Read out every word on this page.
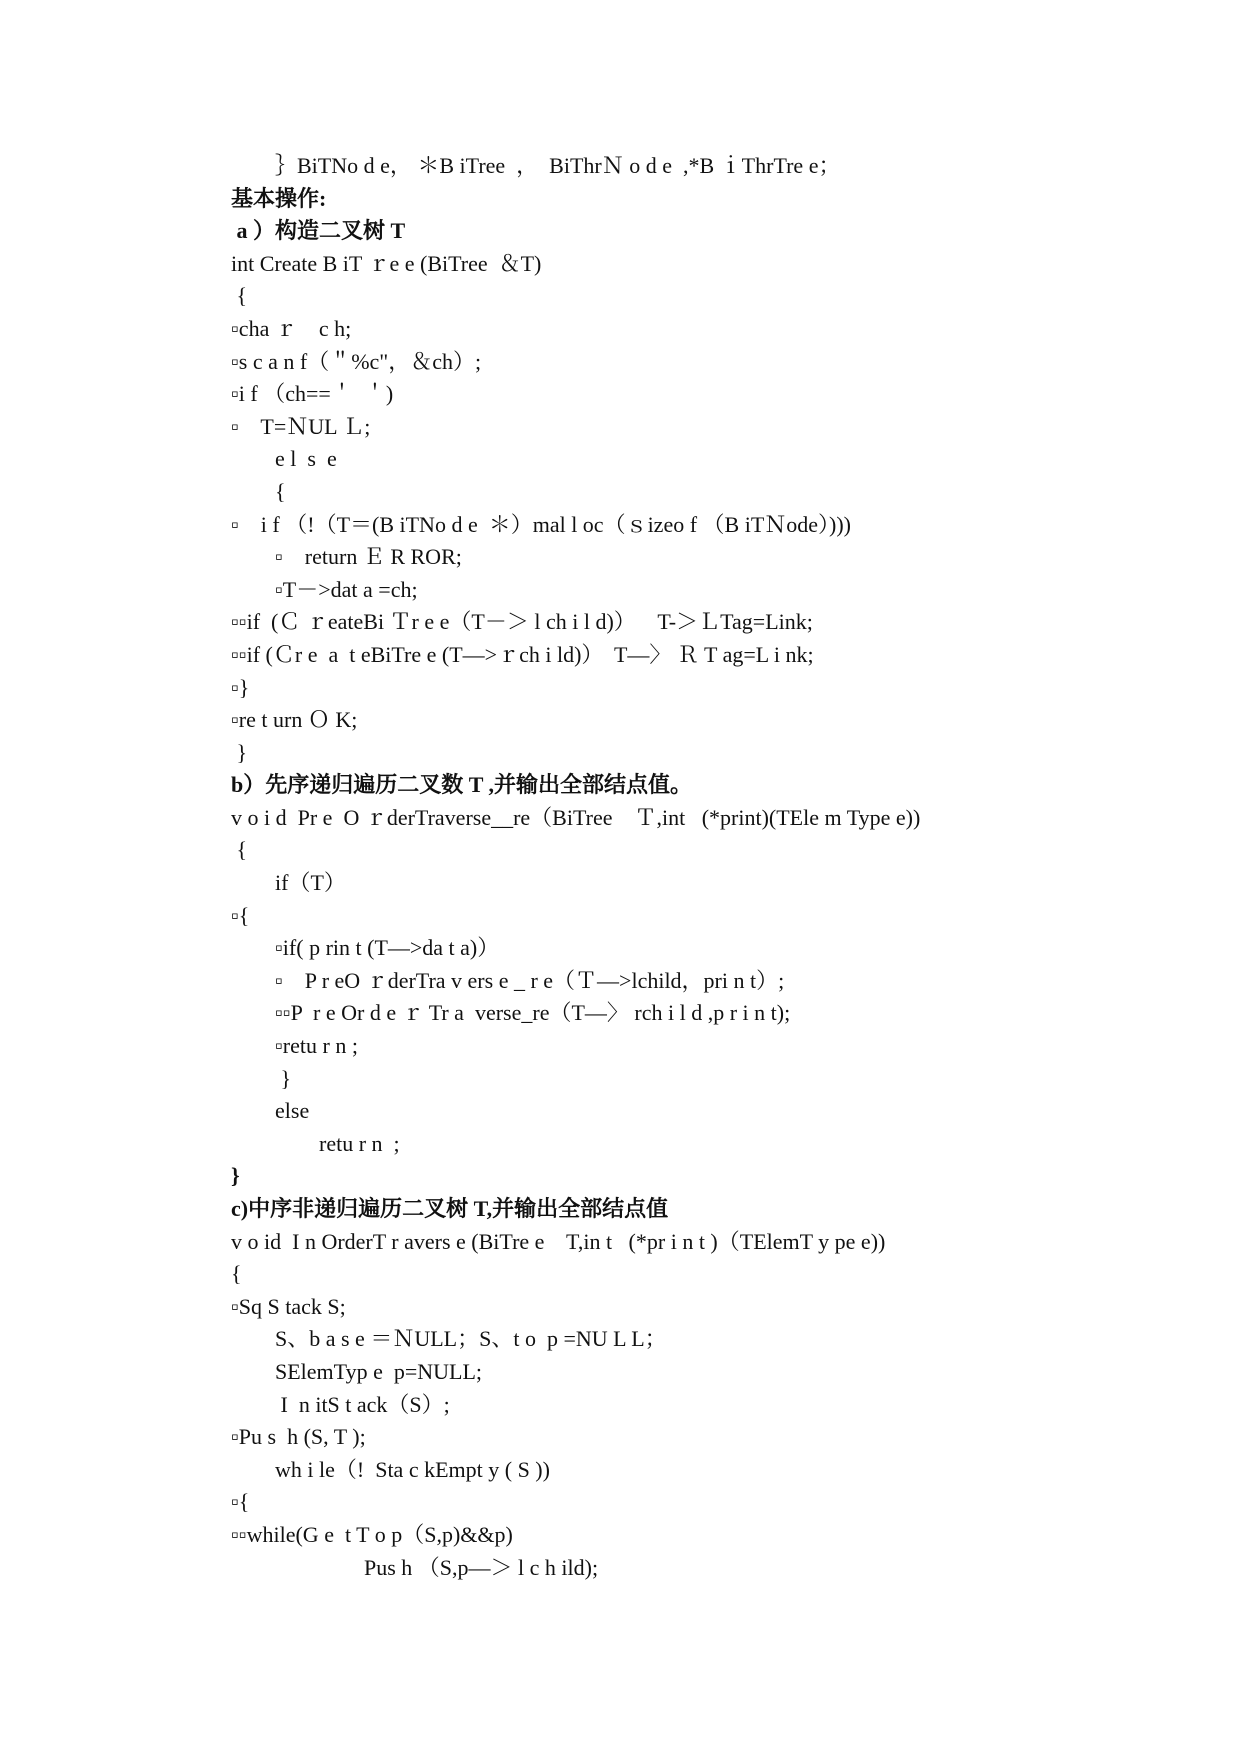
｝BiTNo d e， ＊B iTree  ，  BiThrＮ o d e  ,*B ｉThrTre e；
基本操作:
a ）构造二叉树 T
int Create B iT ｒe e (BiTree  ＆T)
{
▫cha ｒ    c h;
▫s c a n f（＂%c"，＆ch）;
▫i f （ch==＇  ＇)
▫    T=ＮUL Ｌ;
e l  s  e
{
▫    i f （!（T＝(B iTNo d e  ＊）mal l oc（ｓizeo f （B iTＮode）)))
▫    return Ｅ R ROR;
▫T－>dat a =ch;
▫▫if  (Ｃ ｒeateBi Ｔr e e（T－＞ l ch i l d)）    T-＞ＬTag=Link;
▫▫if (Ｃr e  a  t eBiTre e (T—>ｒch i ld)）  T—〉 Ｒ T ag=L i nk;
▫}
▫re t urn Ｏ K;
}
b）先序递归遍历二叉数 T ,并输出全部结点值。
v o i d  Pr e  O ｒderTraverse__re（BiTree    Ｔ,int   (*print)(TEle m Type e))
{
if（T）
▫{
▫if( p rin t (T—>da t a)）
▫    P r eO ｒderTra v ers e _ r e（Ｔ—>lchild，pri n t）;
▫▫P  r e Or d e ｒ Tr a  verse_re（T—〉 rch i l d ,p r i n t);
▫retu r n ;
}
else
retu r n  ;
}
c)中序非递归遍历二叉树 T,并输出全部结点值
v o id  I n OrderT r avers e (BiTre e    T,in t   (*pr i n t )（TElemT y pe e))
{
▫Sq S tack S;
S、b a s e ＝ＮULL；S、t o  p =NU L L；
SElemTyp e  p=NULL;
I  n itS t ack（S）;
▫Pu s  h (S, T );
wh i le（!  Sta c kEmpt y ( S ))
▫{
▫▫while(G e  t T o p（S,p)&&p)
Pus h （S,p—＞ l c h ild);
